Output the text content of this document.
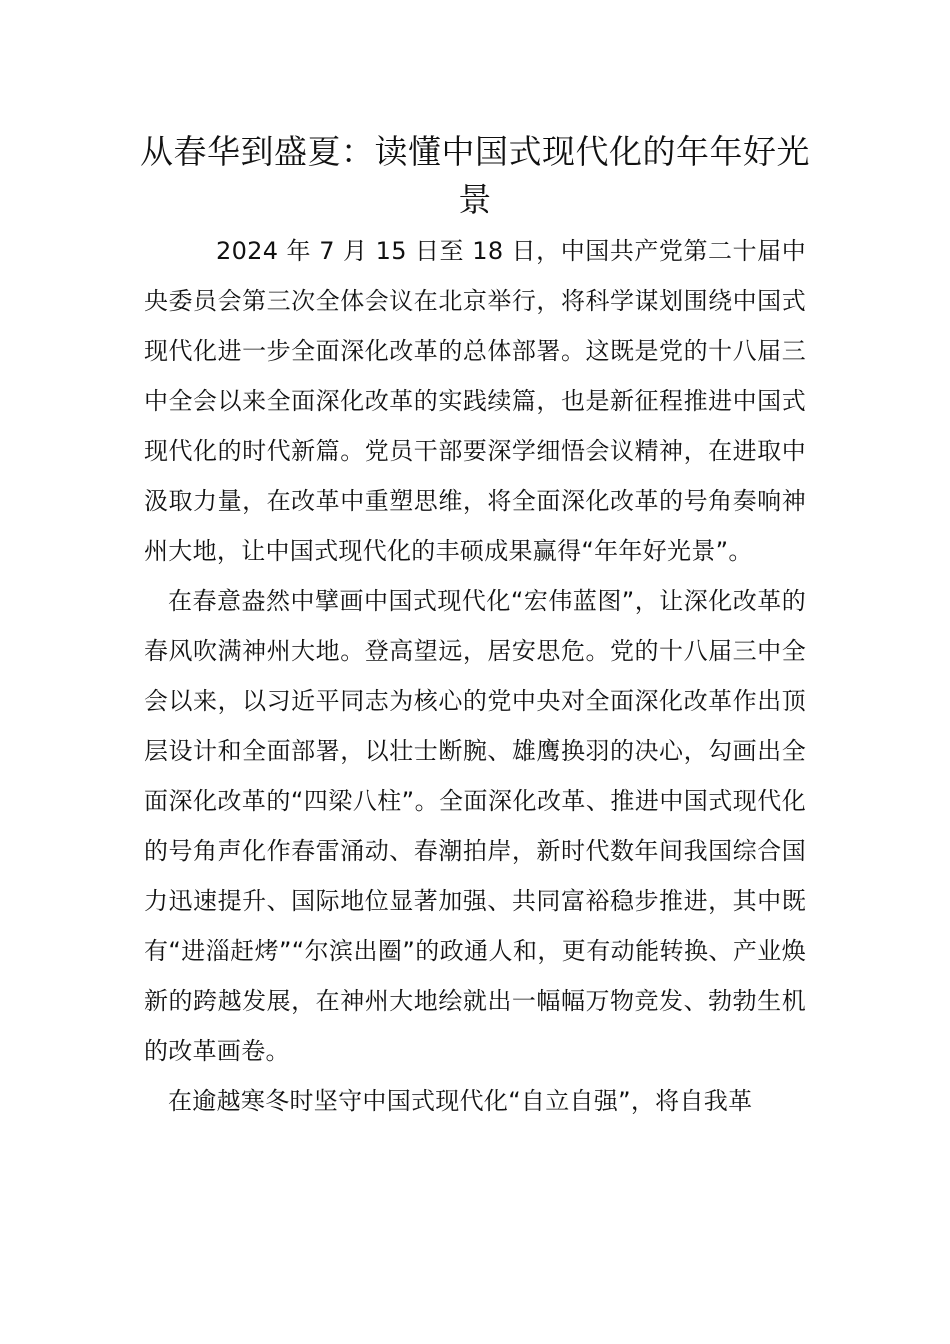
从春华到盛夏：读懂中国式现代化的年年好光景

2024 年 7 月 15 日至 18 日，中国共产党第二十届中央委员会第三次全体会议在北京举行，将科学谋划围绕中国式现代化进一步全面深化改革的总体部署。这既是党的十八届三中全会以来全面深化改革的实践续篇，也是新征程推进中国式现代化的时代新篇。党员干部要深学细悟会议精神，在进取中汲取力量，在改革中重塑思维，将全面深化改革的号角奏响神州大地，让中国式现代化的丰硕成果赢得“年年好光景”。

在春意盎然中擘画中国式现代化“宏伟蓝图”，让深化改革的春风吹满神州大地。登高望远，居安思危。党的十八届三中全会以来，以习近平同志为核心的党中央对全面深化改革作出顶层设计和全面部署，以壮士断腕、雄鹰换羽的决心，勾画出全面深化改革的“四梁八柱”。全面深化改革、推进中国式现代化的号角声化作春雷涌动、春潮拍岸，新时代数年间我国综合国力迅速提升、国际地位显著加强、共同富裕稳步推进，其中既有“进淄赶烤”“尔滨出圈”的政通人和，更有动能转换、产业焕新的跨越发展，在神州大地绘就出一幅幅万物竞发、勃勃生机的改革画卷。

在逾越寒冬时坚守中国式现代化“自立自强”，将自我革
